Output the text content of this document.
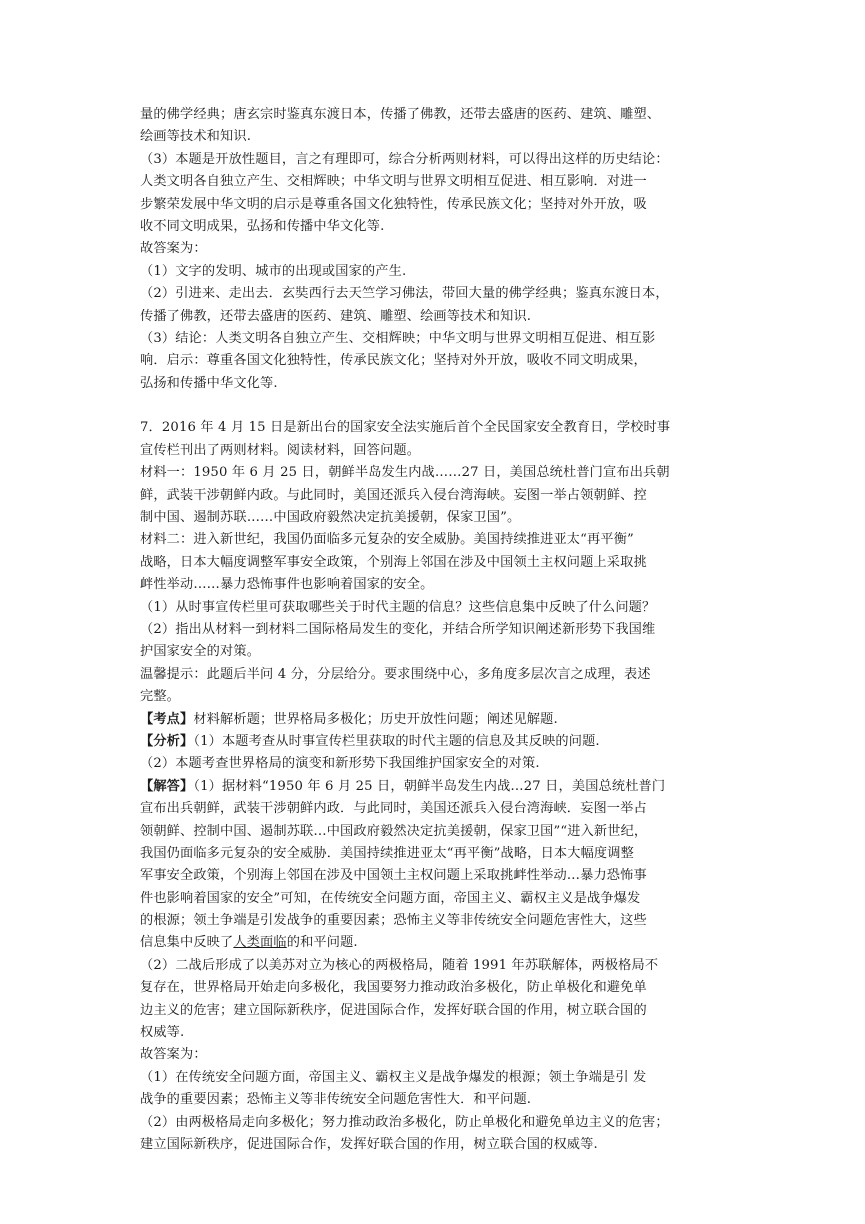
量的佛学经典；唐玄宗时鉴真东渡日本，传播了佛教，还带去盛唐的医药、建筑、雕塑、
绘画等技术和知识.
（3）本题是开放性题目，言之有理即可，综合分析两则材料，可以得出这样的历史结论：
人类文明各自独立产生、交相辉映；中华文明与世界文明相互促进、相互影响．对进一
步繁荣发展中华文明的启示是尊重各国文化独特性，传承民族文化；坚持对外开放，吸
收不同文明成果，弘扬和传播中华文化等.
故答案为：
（1）文字的发明、城市的出现或国家的产生.
（2）引进来、走出去．玄奘西行去天竺学习佛法，带回大量的佛学经典；鉴真东渡日本，
传播了佛教，还带去盛唐的医药、建筑、雕塑、绘画等技术和知识.
（3）结论：人类文明各自独立产生、交相辉映；中华文明与世界文明相互促进、相互影
响．启示：尊重各国文化独特性，传承民族文化；坚持对外开放，吸收不同文明成果，
弘扬和传播中华文化等.
7．2016 年 4 月 15 日是新出台的国家安全法实施后首个全民国家安全教育日，学校时事
宣传栏刊出了两则材料。阅读材料，回答问题。
材料一：1950 年 6 月 25 日，朝鲜半岛发生内战……27 日，美国总统杜普门宣布出兵朝
鲜，武装干涉朝鲜内政。与此同时，美国还派兵入侵台湾海峡。妄图一举占领朝鲜、控
制中国、遏制苏联……中国政府毅然决定抗美援朝，保家卫国”。
材料二：进入新世纪，我国仍面临多元复杂的安全威胁。美国持续推进亚太“再平衡”
战略，日本大幅度调整军事安全政策，个别海上邻国在涉及中国领土主权问题上采取挑
衅性举动……暴力恐怖事件也影响着国家的安全。
（1）从时事宣传栏里可获取哪些关于时代主题的信息？这些信息集中反映了什么问题？
（2）指出从材料一到材料二国际格局发生的变化，并结合所学知识阐述新形势下我国维
护国家安全的对策。
温馨提示：此题后半问 4 分，分层给分。要求围绕中心，多角度多层次言之成理，表述
完整。
【考点】材料解析题；世界格局多极化；历史开放性问题；阐述见解题.
【分析】（1）本题考查从时事宣传栏里获取的时代主题的信息及其反映的问题.
（2）本题考查世界格局的演变和新形势下我国维护国家安全的对策.
【解答】（1）据材料“1950 年 6 月 25 日，朝鲜半岛发生内战…27 日，美国总统杜普门
宣布出兵朝鲜，武装干涉朝鲜内政．与此同时，美国还派兵入侵台湾海峡．妄图一举占
领朝鲜、控制中国、遏制苏联…中国政府毅然决定抗美援朝，保家卫国”“进入新世纪，
我国仍面临多元复杂的安全威胁．美国持续推进亚太“再平衡”战略，日本大幅度调整
军事安全政策，个别海上邻国在涉及中国领土主权问题上采取挑衅性举动…暴力恐怖事
件也影响着国家的安全”可知，在传统安全问题方面，帝国主义、霸权主义是战争爆发
的根源；领土争端是引发战争的重要因素；恐怖主义等非传统安全问题危害性大，这些
信息集中反映了人类面临的和平问题.
（2）二战后形成了以美苏对立为核心的两极格局，随着 1991 年苏联解体，两极格局不
复存在，世界格局开始走向多极化，我国要努力推动政治多极化，防止单极化和避免单
边主义的危害；建立国际新秩序，促进国际合作，发挥好联合国的作用，树立联合国的
权威等.
故答案为：
（1）在传统安全问题方面，帝国主义、霸权主义是战争爆发的根源；领土争端是引 发
战争的重要因素；恐怖主义等非传统安全问题危害性大．和平问题.
（2）由两极格局走向多极化；努力推动政治多极化，防止单极化和避免单边主义的危害；
建立国际新秩序，促进国际合作，发挥好联合国的作用，树立联合国的权威等.
